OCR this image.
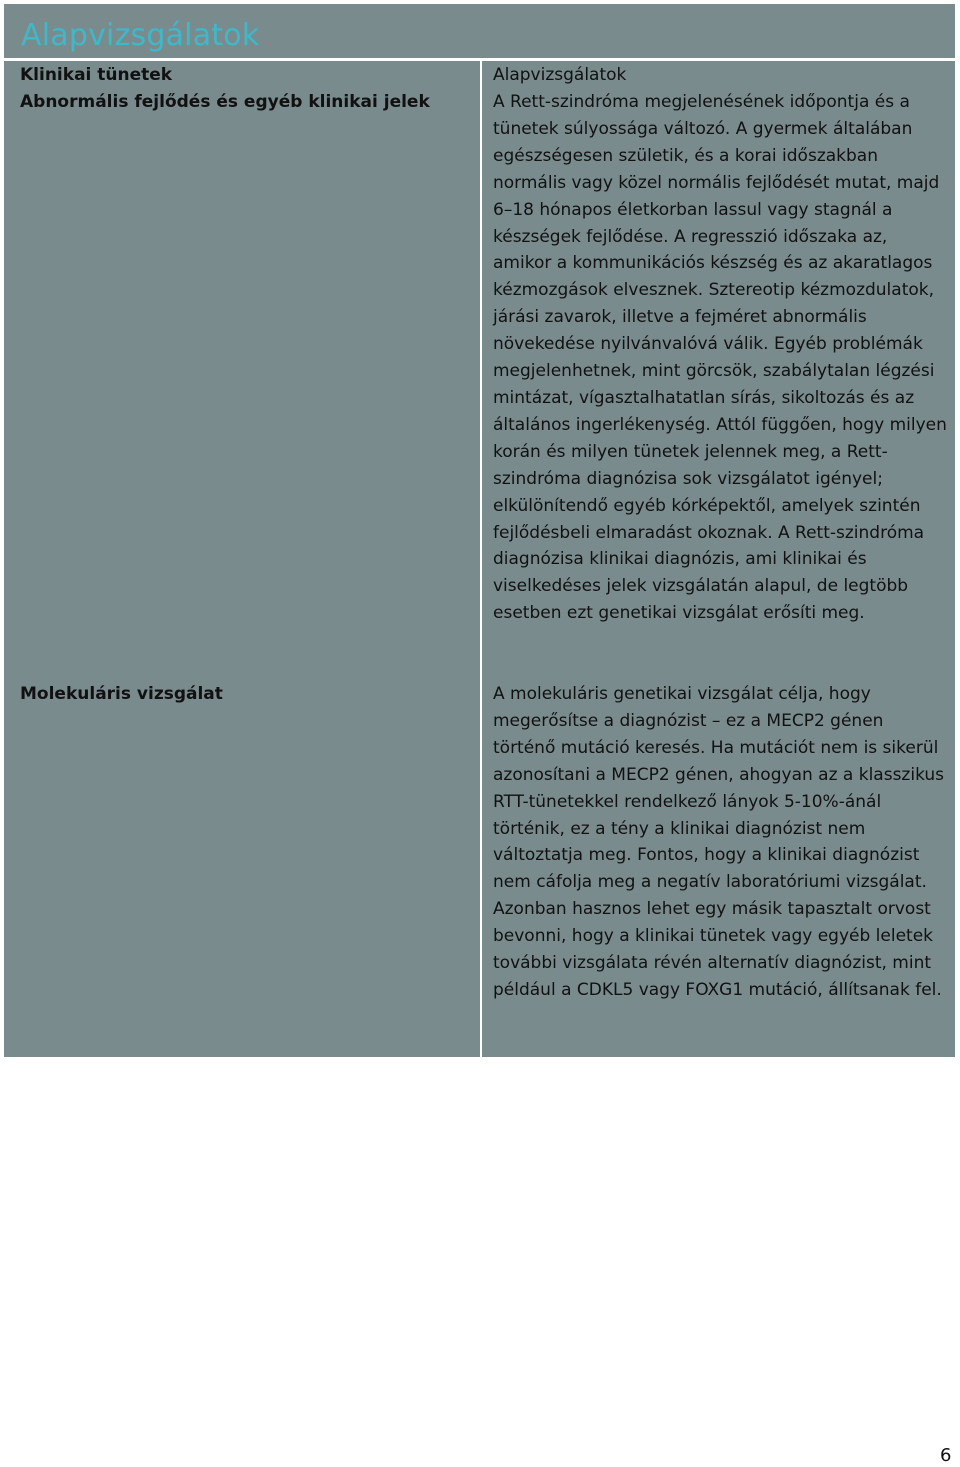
Alapvizsgálatok
Klinikai tünetek
Abnormális fejlődés és egyéb klinikai jelek
Molekuláris vizsgálat
Alapvizsgálatok

A Rett-szindróma megjelenésének időpontja és a tünetek súlyossága változó. A gyermek általában egészségesen születik, és a korai időszakban normális vagy közel normális fejlődését mutat, majd 6–18 hónapos életkorban lassul vagy stagnál a készségek fejlődése. A regresszió időszaka az, amikor a kommunikációs készség és az akaratlagos kézmozgások elvesznek. Sztereotip kézmozdulatok, járási zavarok, illetve a fejméret abnormális növekedése nyilvánvalóvá válik. Egyéb problémák megjelenhetnek, mint görcsök, szabálytalan légzési mintázat, vígasztalhatatlan sírás, sikoltozás és az általános ingerlékenység. Attól függően, hogy milyen korán és milyen tünetek jelennek meg, a Rett-szindróma diagnózisa sok vizsgálatot igényel; elkülönítendő egyéb kórképektől, amelyek szintén fejlődésbeli elmaradást okoznak. A Rett-szindróma diagnózisa klinikai diagnózis, ami klinikai és viselkedéses jelek vizsgálatán alapul, de legtöbb esetben ezt genetikai vizsgálat erősíti meg.

A molekuláris genetikai vizsgálat célja, hogy megerősítse a diagnózist – ez a MECP2 génen történő mutáció keresés. Ha mutációt nem is sikerül azonosítani a MECP2 génen, ahogyan az a klasszikus RTT-tünetekkel rendelkező lányok 5-10%-ánál történik, ez a tény a klinikai diagnózist nem változtatja meg. Fontos, hogy a klinikai diagnózist nem cáfolja meg a negatív laboratóriumi vizsgálat. Azonban hasznos lehet egy másik tapasztalt orvost bevonni, hogy a klinikai tünetek vagy egyéb leletek további vizsgálata révén alternatív diagnózist, mint például a CDKL5 vagy FOXG1 mutáció, állítsanak fel.

6
